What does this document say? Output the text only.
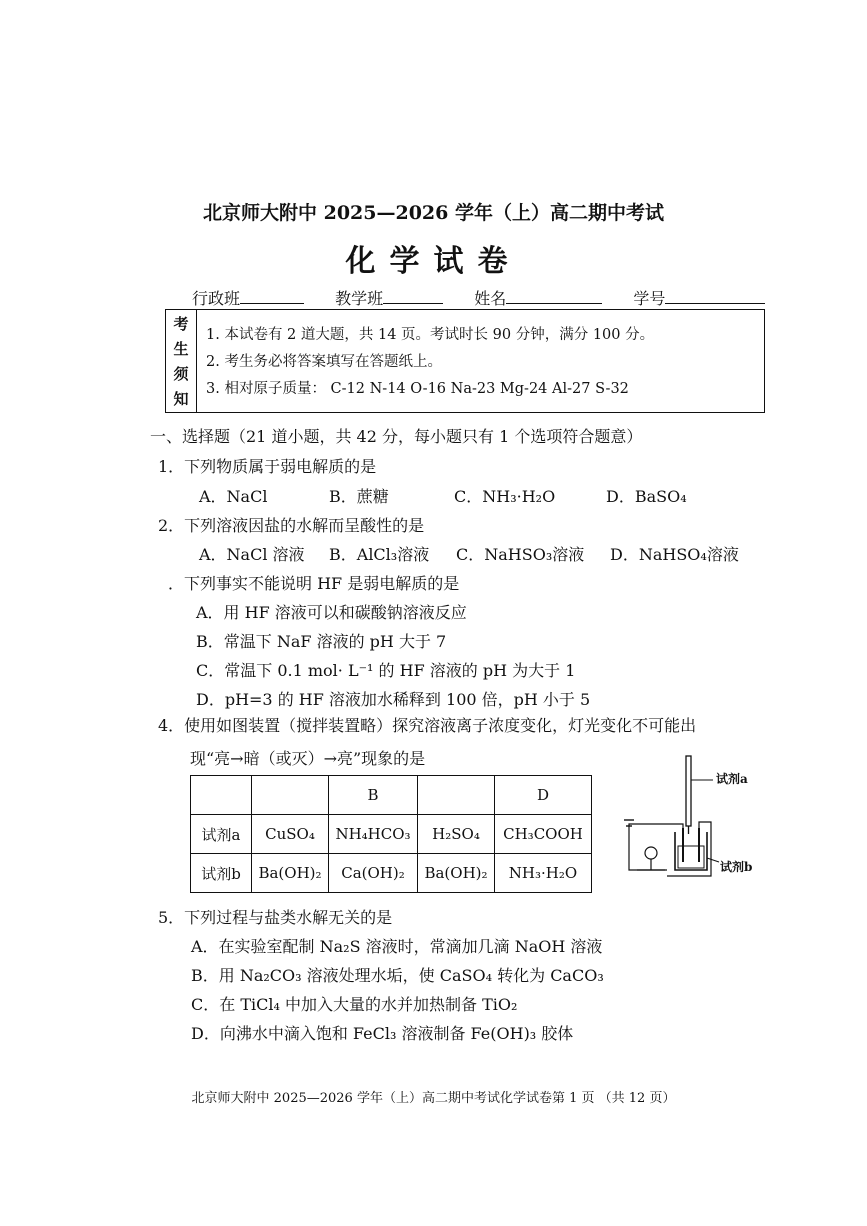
北京师大附中 2025—2026 学年（上）高二期中考试
化学试卷
行政班	教学班	姓名	学号
考
生
须
知
1. 本试卷有 2 道大题，共 14 页。考试时长 90 分钟，满分 100 分。
2. 考生务必将答案填写在答题纸上。
3. 相对原子质量： C-12 N-14 O-16 Na-23 Mg-24 Al-27 S-32
一、选择题（21 道小题，共 42 分，每小题只有 1 个选项符合题意）
1．下列物质属于弱电解质的是
A．NaCl	B．蔗糖	C．NH₃·H₂O	D．BaSO₄
2．下列溶液因盐的水解而呈酸性的是
A．NaCl 溶液 B．AlCl₃溶液 C．NaHSO₃溶液 D．NaHSO₄溶液
．下列事实不能说明 HF 是弱电解质的是
A．用 HF 溶液可以和碳酸钠溶液反应
B．常温下 NaF 溶液的 pH 大于 7
C．常温下 0.1 mol· L⁻¹ 的 HF 溶液的 pH 为大于 1
D．pH=3 的 HF 溶液加水稀释到 100 倍，pH 小于 5
4．使用如图装置（搅拌装置略）探究溶液离子浓度变化，灯光变化不可能出
现“亮→暗（或灭）→亮”现象的是
		B		D
试剂a	CuSO₄	NH₄HCO₃	H₂SO₄	CH₃COOH
试剂b	Ba(OH)₂	Ca(OH)₂	Ba(OH)₂	NH₃·H₂O
试剂a
试剂b
5．下列过程与盐类水解无关的是
A．在实验室配制 Na₂S 溶液时，常滴加几滴 NaOH 溶液
B．用 Na₂CO₃ 溶液处理水垢，使 CaSO₄ 转化为 CaCO₃
C．在 TiCl₄ 中加入大量的水并加热制备 TiO₂
D．向沸水中滴入饱和 FeCl₃ 溶液制备 Fe(OH)₃ 胶体
北京师大附中 2025—2026 学年（上）高二期中考试化学试卷第 1 页 （共 12 页）
